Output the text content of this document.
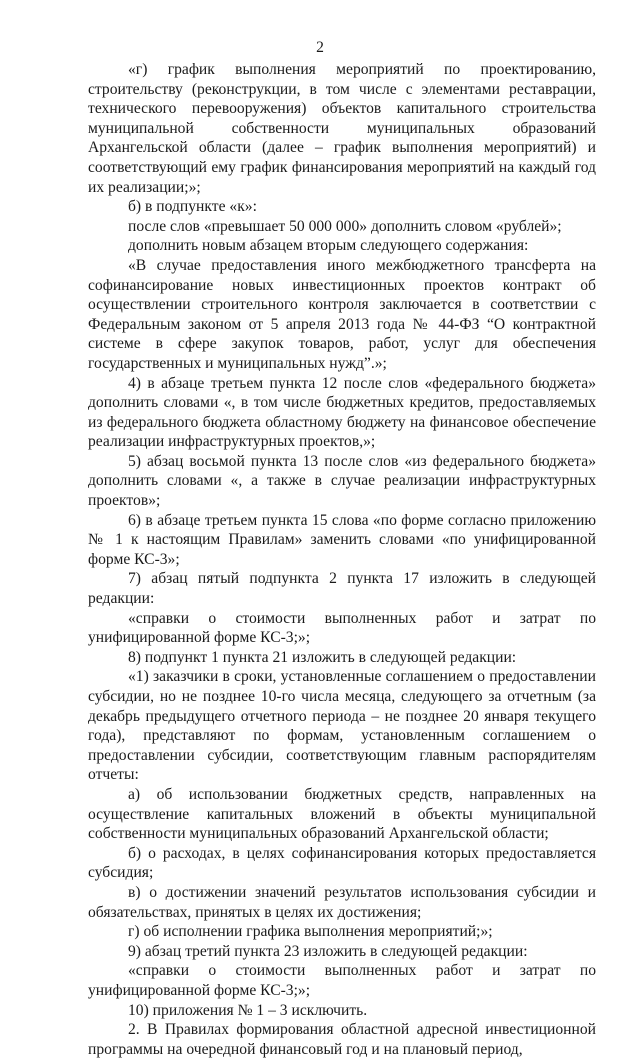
2

«г) график выполнения мероприятий по проектированию, строительству (реконструкции, в том числе с элементами реставрации, технического перевооружения) объектов капитального строительства муниципальной собственности муниципальных образований Архангельской области (далее – график выполнения мероприятий) и соответствующий ему график финансирования мероприятий на каждый год их реализации;»;

б) в подпункте «к»:

после слов «превышает 50 000 000» дополнить словом «рублей»;

дополнить новым абзацем вторым следующего содержания:

«В случае предоставления иного межбюджетного трансферта на софинансирование новых инвестиционных проектов контракт об осуществлении строительного контроля заключается в соответствии с Федеральным законом от 5 апреля 2013 года № 44-ФЗ “О контрактной системе в сфере закупок товаров, работ, услуг для обеспечения государственных и муниципальных нужд”.»;

4) в абзаце третьем пункта 12 после слов «федерального бюджета» дополнить словами «, в том числе бюджетных кредитов, предоставляемых из федерального бюджета областному бюджету на финансовое обеспечение реализации инфраструктурных проектов,»;

5) абзац восьмой пункта 13 после слов «из федерального бюджета» дополнить словами «, а также в случае реализации инфраструктурных проектов»;

6) в абзаце третьем пункта 15 слова «по форме согласно приложению № 1 к настоящим Правилам» заменить словами «по унифицированной форме КС-3»;

7) абзац пятый подпункта 2 пункта 17 изложить в следующей редакции:

«справки о стоимости выполненных работ и затрат по унифицированной форме КС-3;»;

8) подпункт 1 пункта 21 изложить в следующей редакции:

«1) заказчики в сроки, установленные соглашением о предоставлении субсидии, но не позднее 10-го числа месяца, следующего за отчетным (за декабрь предыдущего отчетного периода – не позднее 20 января текущего года), представляют по формам, установленным соглашением о предоставлении субсидии, соответствующим главным распорядителям отчеты:

а) об использовании бюджетных средств, направленных на осуществление капитальных вложений в объекты муниципальной собственности муниципальных образований Архангельской области;

б) о расходах, в целях софинансирования которых предоставляется субсидия;

в) о достижении значений результатов использования субсидии и обязательствах, принятых в целях их достижения;

г) об исполнении графика выполнения мероприятий;»;

9) абзац третий пункта 23 изложить в следующей редакции:

«справки о стоимости выполненных работ и затрат по унифицированной форме КС-3;»;

10) приложения № 1 – 3 исключить.

2. В Правилах формирования областной адресной инвестиционной программы на очередной финансовый год и на плановый период,
